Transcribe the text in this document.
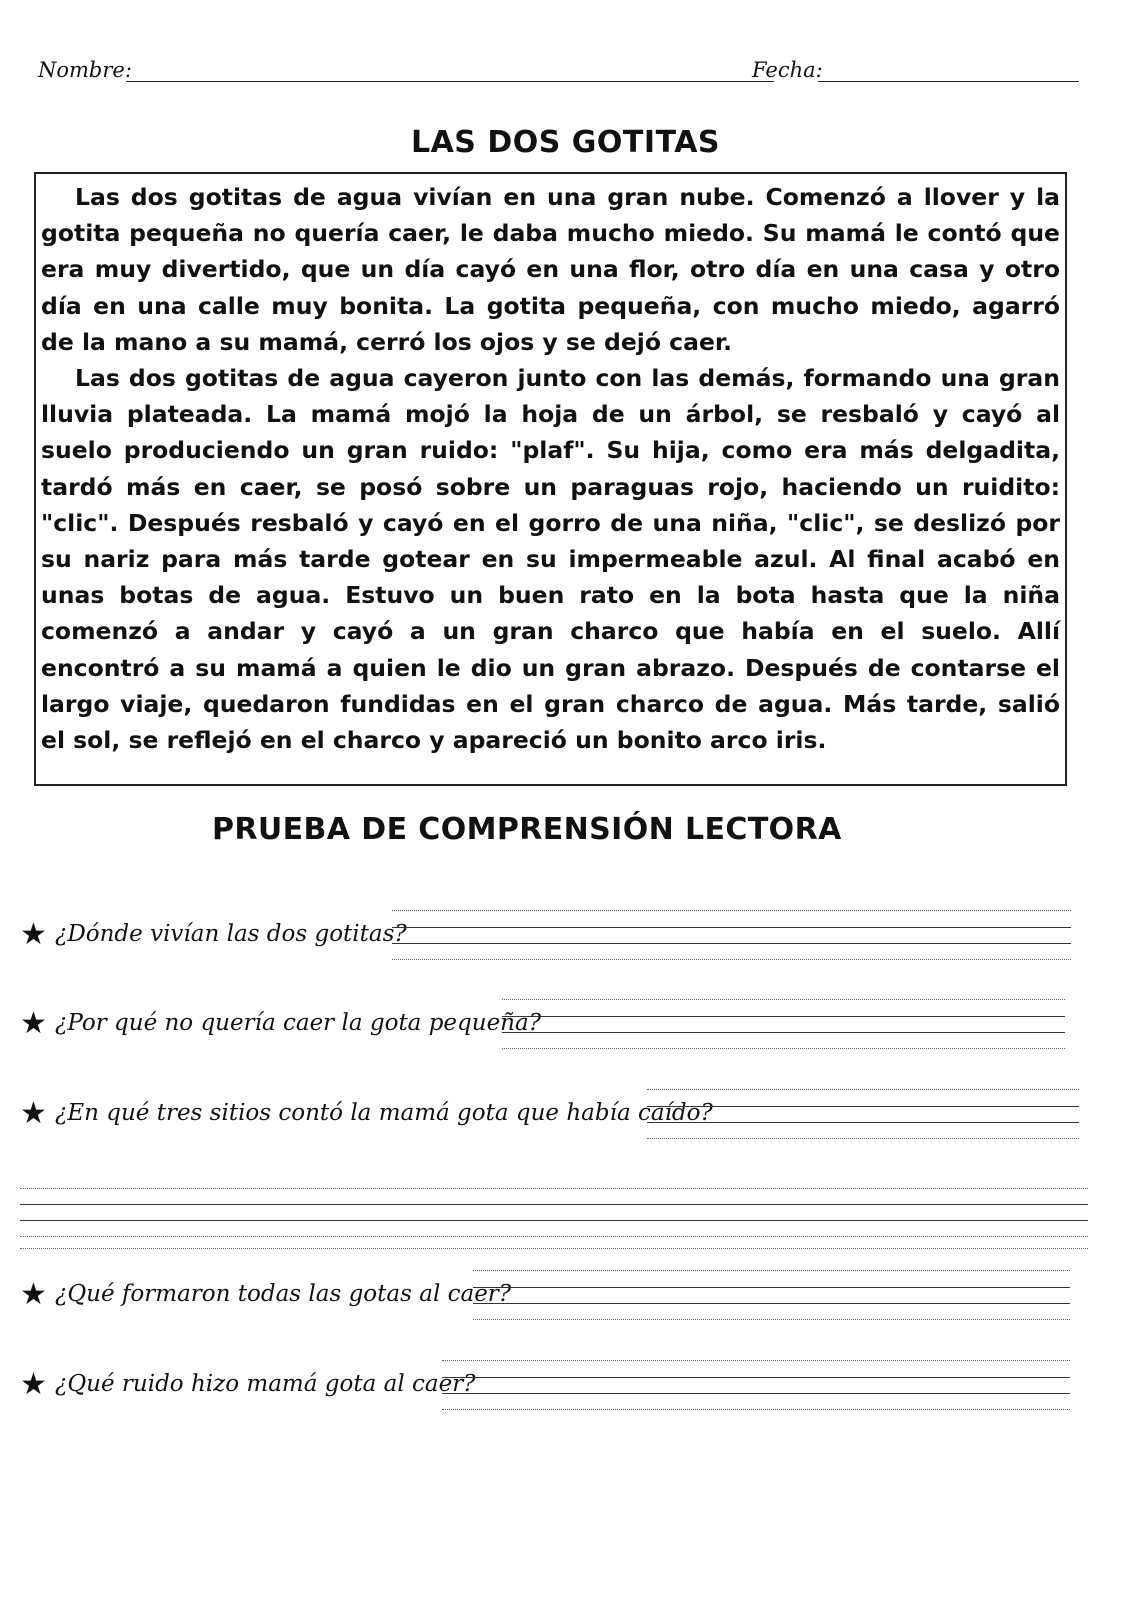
Nombre:	Fecha:
LAS DOS GOTITAS

Las dos gotitas de agua vivían en una gran nube. Comenzó a llover y la gotita pequeña no quería caer, le daba mucho miedo. Su mamá le contó que era muy divertido, que un día cayó en una flor, otro día en una casa y otro día en una calle muy bonita. La gotita pequeña, con mucho miedo, agarró de la mano a su mamá, cerró los ojos y se dejó caer.

Las dos gotitas de agua cayeron junto con las demás, formando una gran lluvia plateada. La mamá mojó la hoja de un árbol, se resbaló y cayó al suelo produciendo un gran ruido: "plaf". Su hija, como era más delgadita, tardó más en caer, se posó sobre un paraguas rojo, haciendo un ruidito: "clic". Después resbaló y cayó en el gorro de una niña, "clic", se deslizó por su nariz para más tarde gotear en su impermeable azul. Al final acabó en unas botas de agua. Estuvo un buen rato en la bota hasta que la niña comenzó a andar y cayó a un gran charco que había en el suelo. Allí encontró a su mamá a quien le dio un gran abrazo. Después de contarse el largo viaje, quedaron fundidas en el gran charco de agua. Más tarde, salió el sol, se reflejó en el charco y apareció un bonito arco iris.

PRUEBA DE COMPRENSIÓN LECTORA
★ ¿Dónde vivían las dos gotitas?
★ ¿Por qué no quería caer la gota pequeña?
★ ¿En qué tres sitios contó la mamá gota que había caído?
★ ¿Qué formaron todas las gotas al caer?
★ ¿Qué ruido hizo mamá gota al caer?
